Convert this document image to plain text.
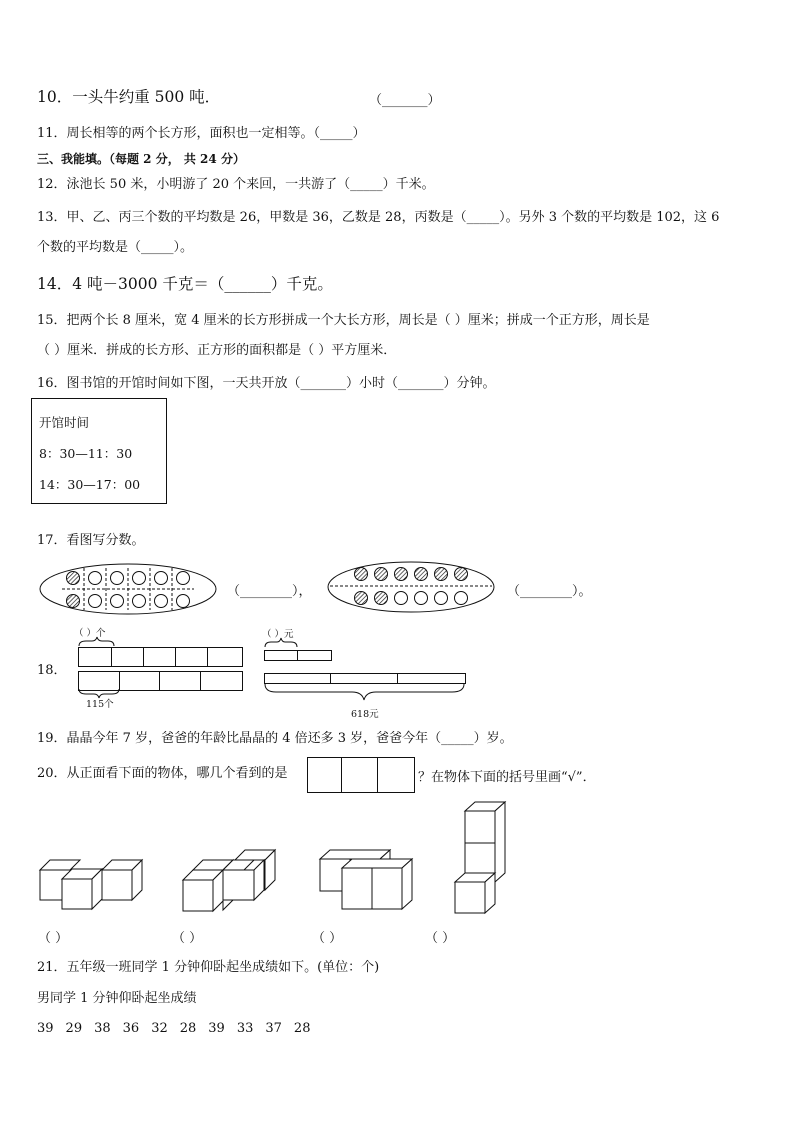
10．一头牛约重 500 吨．	（_______）
11．周长相等的两个长方形，面积也一定相等。（_____）
三、我能填。（每题 2 分， 共 24 分）
12．泳池长 50 米，小明游了 20 个来回，一共游了（_____）千米。
13．甲、乙、丙三个数的平均数是 26，甲数是 36，乙数是 28，丙数是（_____）。另外 3 个数的平均数是 102，这 6
个数的平均数是（_____）。
14．4 吨－3000 千克＝（______）千克。
15．把两个长 8 厘米，宽 4 厘米的长方形拼成一个大长方形，周长是（ ）厘米；拼成一个正方形，周长是
（ ）厘米．拼成的长方形、正方形的面积都是（ ）平方厘米．
16．图书馆的开馆时间如下图，一天共开放（_______）小时（_______）分钟。
开馆时间
8：30—11：30
14：30—17：00
17．看图写分数。
（________），	（________）。
18．
（ ）个
115个
（ ）元
618元
19．晶晶今年 7 岁，爸爸的年龄比晶晶的 4 倍还多 3 岁，爸爸今年（_____）岁。
20．从正面看下面的物体，哪几个看到的是	？在物体下面的括号里画“√”．
（ ）	（ ）	（ ）	（ ）
21．五年级一班同学 1 分钟仰卧起坐成绩如下。(单位：个)
男同学 1 分钟仰卧起坐成绩
39 29 38 36 32 28 39 33 37 28
